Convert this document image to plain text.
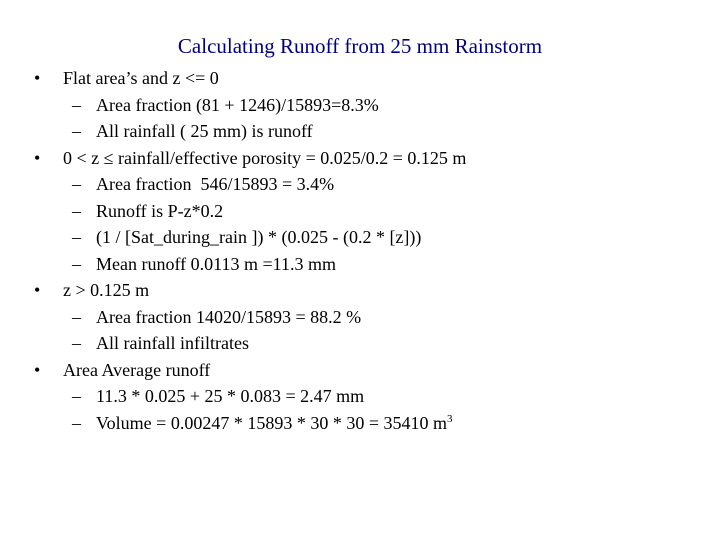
Calculating Runoff from 25 mm Rainstorm
• Flat area’s and z <= 0
– Area fraction (81 + 1246)/15893=8.3%
– All rainfall ( 25 mm) is runoff
• 0 < z ≤ rainfall/effective porosity = 0.025/0.2 = 0.125 m
– Area fraction  546/15893 = 3.4%
– Runoff is P-z*0.2
– (1 / [Sat_during_rain ]) * (0.025 - (0.2 * [z]))
– Mean runoff 0.0113 m =11.3 mm
• z > 0.125 m
– Area fraction 14020/15893 = 88.2 %
– All rainfall infiltrates
• Area Average runoff
– 11.3 * 0.025 + 25 * 0.083 = 2.47 mm
– Volume = 0.00247 * 15893 * 30 * 30 = 35410 $m^3$
